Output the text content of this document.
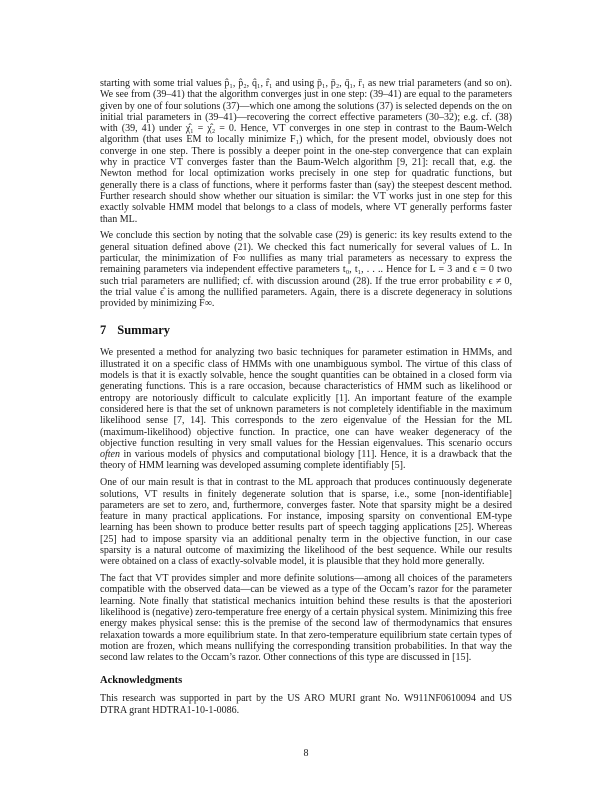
starting with some trial values p̂₁, p̂₂, q̂₁, r̂₁ and using p̄₁, p̄₂, q̄₁, r̄₁ as new trial parameters (and so on). We see from (39–41) that the algorithm converges just in one step: (39–41) are equal to the parameters given by one of four solutions (37)—which one among the solutions (37) is selected depends on the on initial trial parameters in (39–41)—recovering the correct effective parameters (30–32); e.g. cf. (38) with (39, 41) under χ̂₁ = χ̂₂ = 0. Hence, VT converges in one step in contrast to the Baum-Welch algorithm (that uses EM to locally minimize F₁) which, for the present model, obviously does not converge in one step. There is possibly a deeper point in the one-step convergence that can explain why in practice VT converges faster than the Baum-Welch algorithm [9, 21]: recall that, e.g. the Newton method for local optimization works precisely in one step for quadratic functions, but generally there is a class of functions, where it performs faster than (say) the steepest descent method. Further research should show whether our situation is similar: the VT works just in one step for this exactly solvable HMM model that belongs to a class of models, where VT generally performs faster than ML.

We conclude this section by noting that the solvable case (29) is generic: its key results extend to the general situation defined above (21). We checked this fact numerically for several values of L. In particular, the minimization of F∞ nullifies as many trial parameters as necessary to express the remaining parameters via independent effective parameters t₀, t₁, . . .. Hence for L = 3 and ϵ = 0 two such trial parameters are nullified; cf. with discussion around (28). If the true error probability ϵ ≠ 0, the trial value ϵ̂ is among the nullified parameters. Again, there is a discrete degeneracy in solutions provided by minimizing F∞.

7 Summary

We presented a method for analyzing two basic techniques for parameter estimation in HMMs, and illustrated it on a specific class of HMMs with one unambiguous symbol. The virtue of this class of models is that it is exactly solvable, hence the sought quantities can be obtained in a closed form via generating functions. This is a rare occasion, because characteristics of HMM such as likelihood or entropy are notoriously difficult to calculate explicitly [1]. An important feature of the example considered here is that the set of unknown parameters is not completely identifiable in the maximum likelihood sense [7, 14]. This corresponds to the zero eigenvalue of the Hessian for the ML (maximum-likelihood) objective function. In practice, one can have weaker degeneracy of the objective function resulting in very small values for the Hessian eigenvalues. This scenario occurs often in various models of physics and computational biology [11]. Hence, it is a drawback that the theory of HMM learning was developed assuming complete identifiably [5].

One of our main result is that in contrast to the ML approach that produces continuously degenerate solutions, VT results in finitely degenerate solution that is sparse, i.e., some [non-identifiable] parameters are set to zero, and, furthermore, converges faster. Note that sparsity might be a desired feature in many practical applications. For instance, imposing sparsity on conventional EM-type learning has been shown to produce better results part of speech tagging applications [25]. Whereas [25] had to impose sparsity via an additional penalty term in the objective function, in our case sparsity is a natural outcome of maximizing the likelihood of the best sequence. While our results were obtained on a class of exactly-solvable model, it is plausible that they hold more generally.

The fact that VT provides simpler and more definite solutions—among all choices of the parameters compatible with the observed data—can be viewed as a type of the Occam’s razor for the parameter learning. Note finally that statistical mechanics intuition behind these results is that the aposteriori likelihood is (negative) zero-temperature free energy of a certain physical system. Minimizing this free energy makes physical sense: this is the premise of the second law of thermodynamics that ensures relaxation towards a more equilibrium state. In that zero-temperature equilibrium state certain types of motion are frozen, which means nullifying the corresponding transition probabilities. In that way the second law relates to the Occam’s razor. Other connections of this type are discussed in [15].

Acknowledgments

This research was supported in part by the US ARO MURI grant No. W911NF0610094 and US DTRA grant HDTRA1-10-1-0086.

8
